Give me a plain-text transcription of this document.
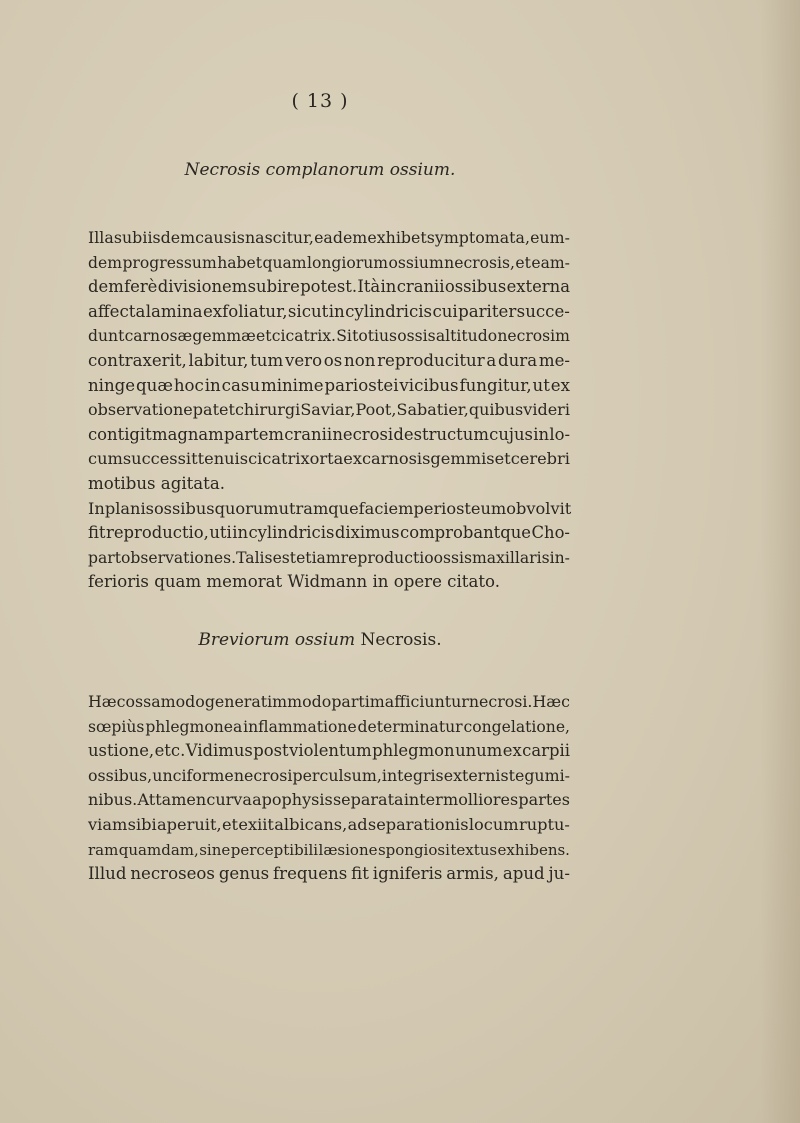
( 13 )
Necrosis complanorum ossium.
Illa sub iisdem causis nascitur, eadem exhibet symptomata, eum-
dem progressum habet quam longiorum ossium necrosis, et eam-
dem ferè divisionem subire potest. Ità in cranii ossibus externa
affecta lamina exfoliatur, sicut in cylindricis cui pariter succe-
dunt carnosæ gemmæ et cicatrix. Si totius ossis altitudo necrosim
contraxerit, labitur, tum vero os non reproducitur a dura me-
ninge quæ hoc in casu minime pariostei vicibus fungitur, ut ex
observatione patet chirurgi Saviar, Poot, Sabatier, quibus videri
contigit magnam partem cranii necrosi destructum cujus in lo-
cum successit tenuis cicatrix orta ex carnosis gemmis et cerebri
motibus agitata.
In planis ossibus quorum utramque faciem periosteum obvolvit
fit reproductio, uti in cylindricis diximus comprobantque Cho-
part observationes. Talis est etiam reproductio ossis maxillaris in-
ferioris quam memorat Widmann in opere citato.
Breviorum ossium Necrosis.
Hæc ossa modo generatim modo partim afficiuntur necrosi. Hæc
sœpiùs phlegmonea inflammatione determinatur congelatione,
ustione, etc. Vidimus post violentum phlegmon unum ex carpii
ossibus, unciforme necrosi perculsum, integris externis tegumi-
nibus. Attamen curva apophysis separata inter molliores partes
viam sibi aperuit, et exiit albicans, ad separationis locum ruptu-
ram quamdam, sine perceptibili læsione spongiosi textus exhibens.
Illud necroseos genus frequens fit igniferis armis, apud ju-
